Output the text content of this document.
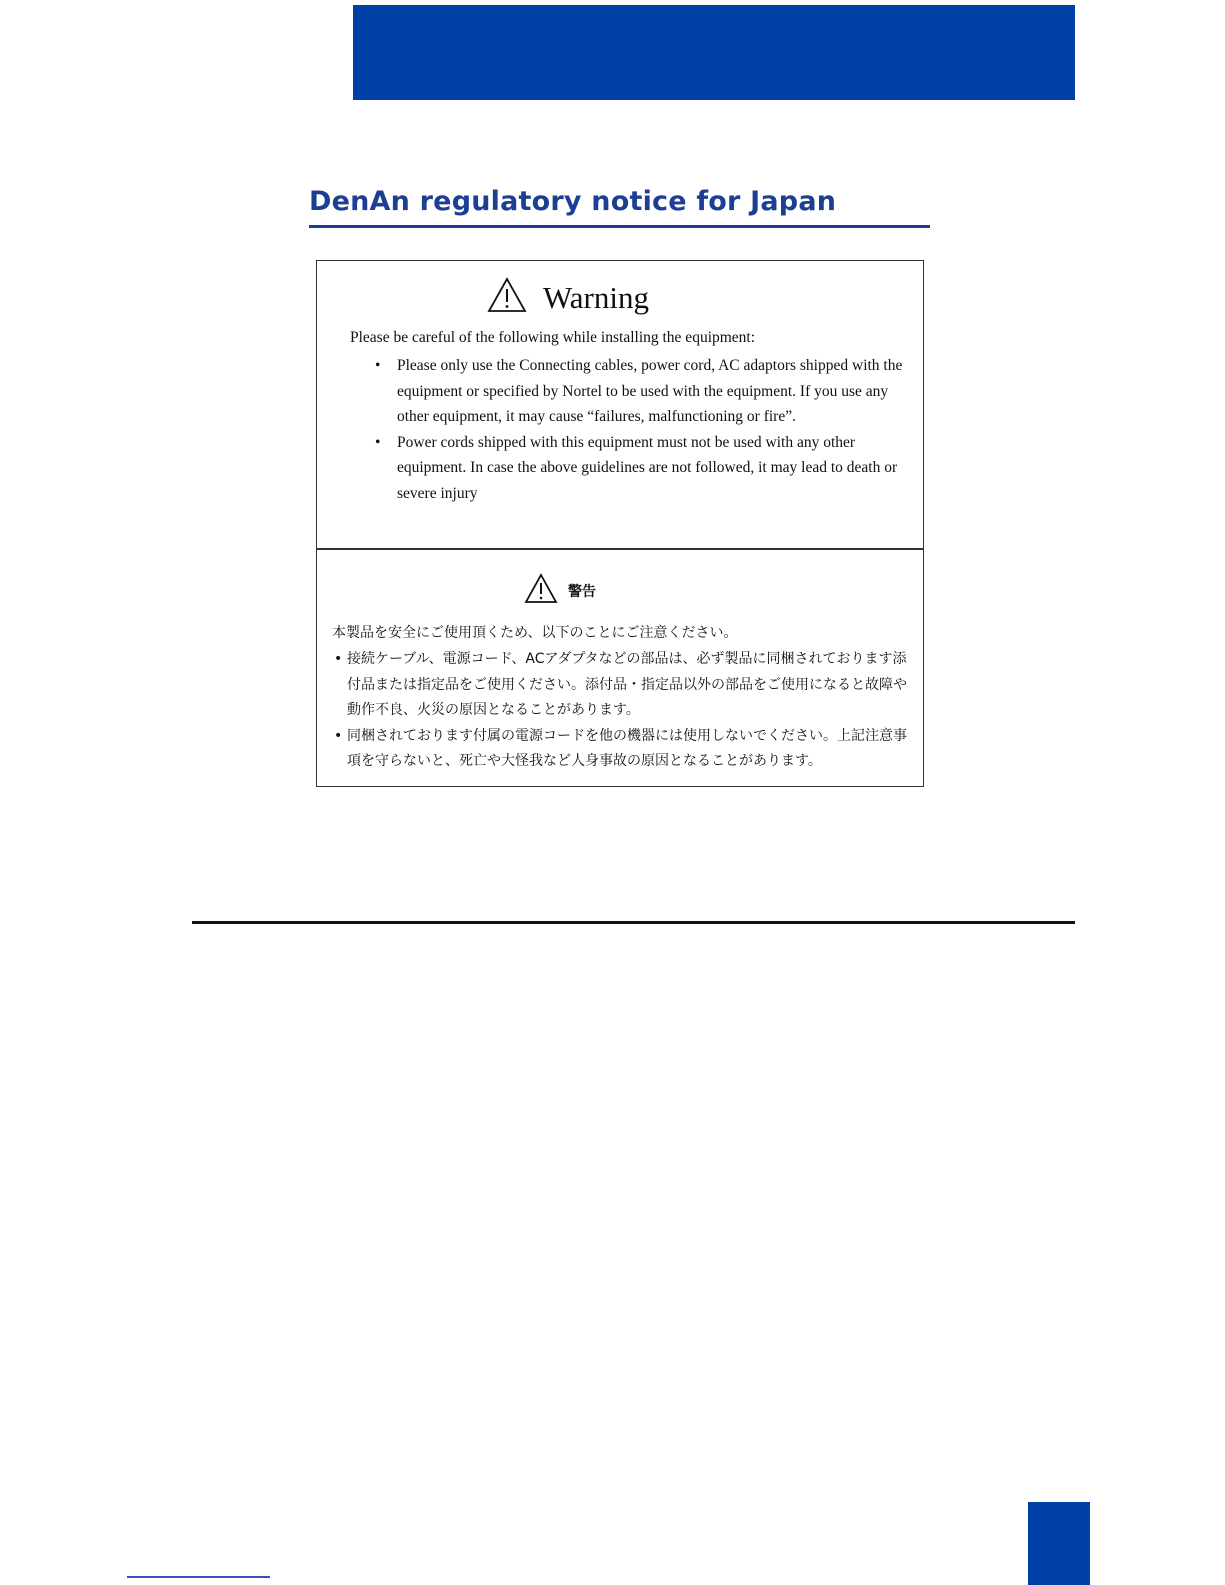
DenAn regulatory notice for Japan
Warning
Please be careful of the following while installing the equipment:
• Please only use the Connecting cables, power cord, AC adaptors shipped with the equipment or specified by Nortel to be used with the equipment. If you use any other equipment, it may cause “failures, malfunctioning or fire”.
• Power cords shipped with this equipment must not be used with any other equipment. In case the above guidelines are not followed, it may lead to death or severe injury
警告
本製品を安全にご使用頂くため、以下のことにご注意ください。
• 接続ケーブル、電源コード、ACアダプタなどの部品は、必ず製品に同梱されております添付品または指定品をご使用ください。添付品・指定品以外の部品をご使用になると故障や動作不良、火災の原因となることがあります。
• 同梱されております付属の電源コードを他の機器には使用しないでください。上記注意事項を守らないと、死亡や大怪我など人身事故の原因となることがあります。
